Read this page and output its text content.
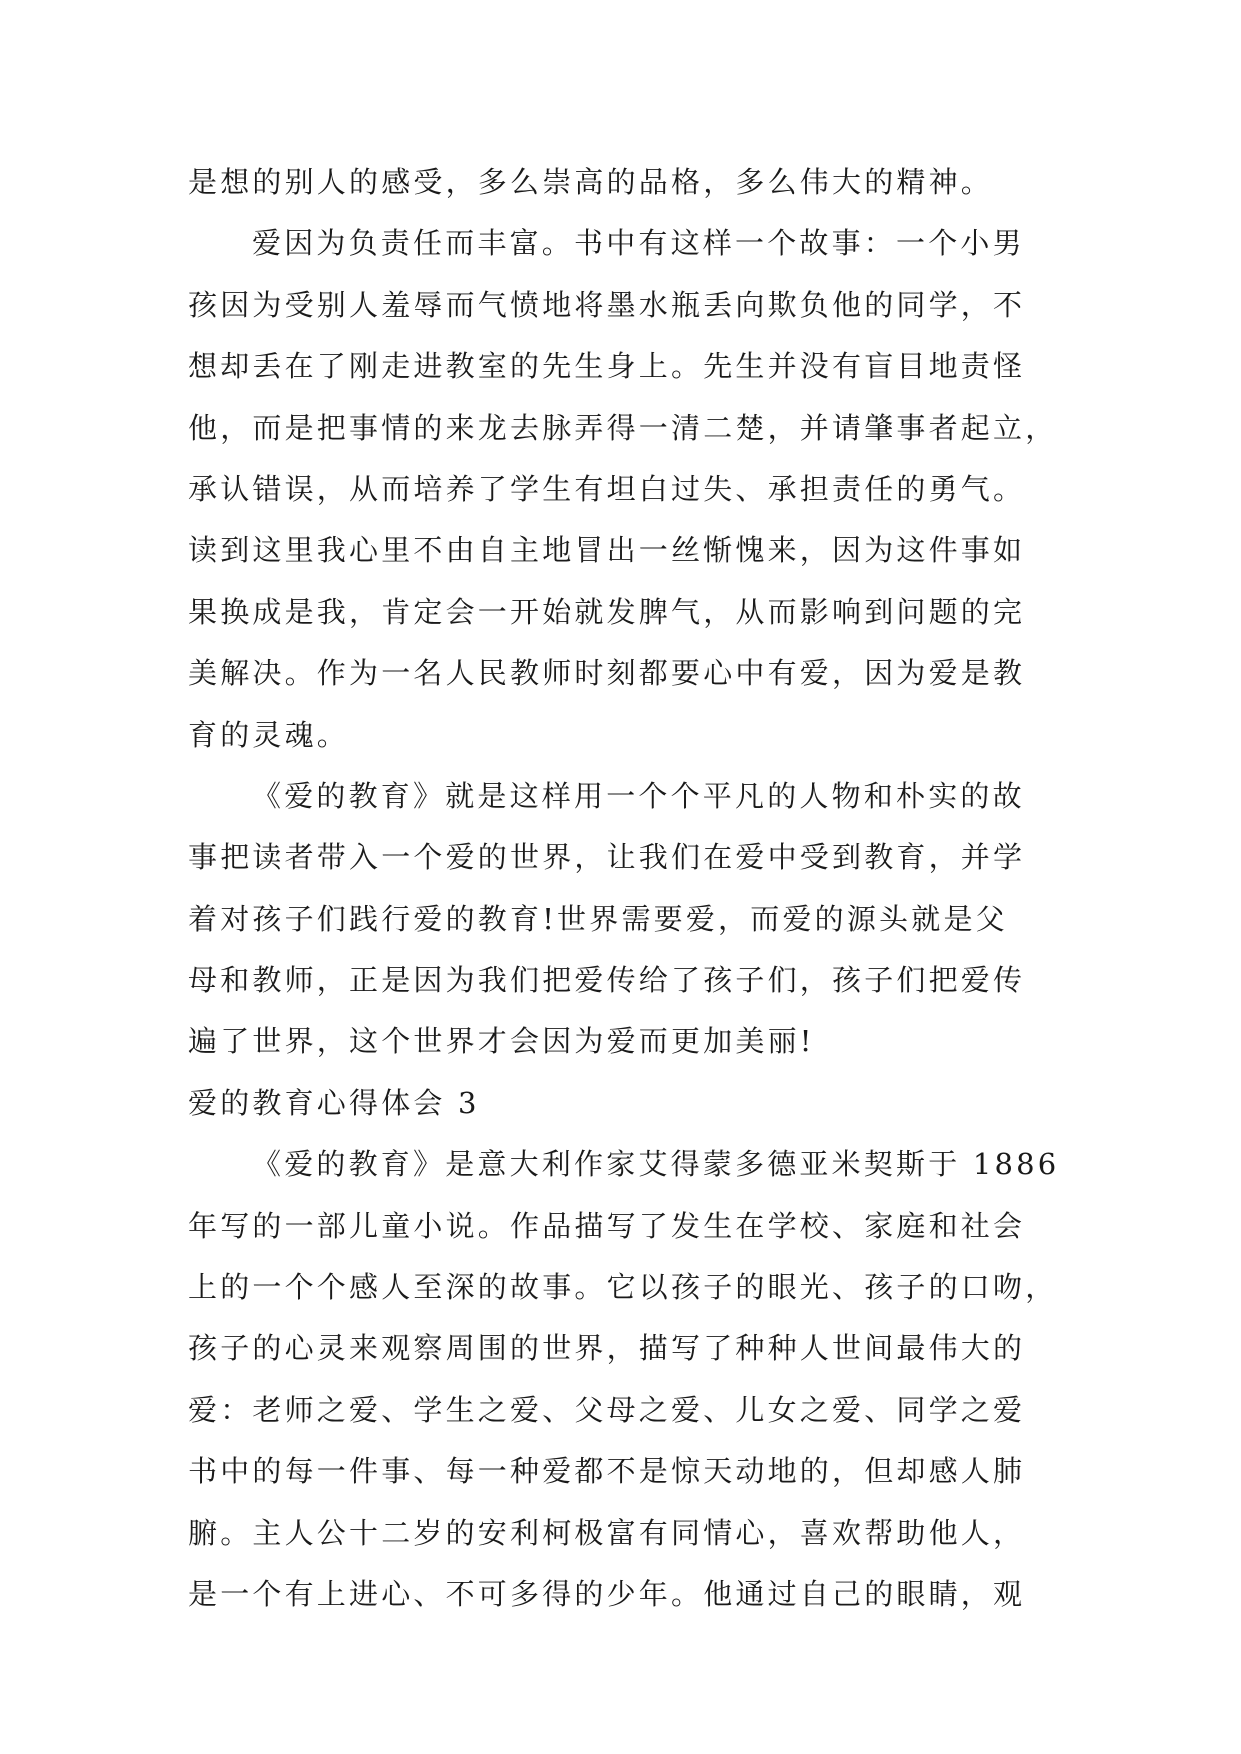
是想的别人的感受，多么崇高的品格，多么伟大的精神。
爱因为负责任而丰富。书中有这样一个故事：一个小男
孩因为受别人羞辱而气愤地将墨水瓶丢向欺负他的同学，不
想却丢在了刚走进教室的先生身上。先生并没有盲目地责怪
他，而是把事情的来龙去脉弄得一清二楚，并请肇事者起立，
承认错误，从而培养了学生有坦白过失、承担责任的勇气。
读到这里我心里不由自主地冒出一丝惭愧来，因为这件事如
果换成是我，肯定会一开始就发脾气，从而影响到问题的完
美解决。作为一名人民教师时刻都要心中有爱，因为爱是教
育的灵魂。
《爱的教育》就是这样用一个个平凡的人物和朴实的故
事把读者带入一个爱的世界，让我们在爱中受到教育，并学
着对孩子们践行爱的教育!世界需要爱，而爱的源头就是父
母和教师，正是因为我们把爱传给了孩子们，孩子们把爱传
遍了世界，这个世界才会因为爱而更加美丽!
爱的教育心得体会 3
《爱的教育》是意大利作家艾得蒙多德亚米契斯于 1886
年写的一部儿童小说。作品描写了发生在学校、家庭和社会
上的一个个感人至深的故事。它以孩子的眼光、孩子的口吻，
孩子的心灵来观察周围的世界，描写了种种人世间最伟大的
爱：老师之爱、学生之爱、父母之爱、儿女之爱、同学之爱
书中的每一件事、每一种爱都不是惊天动地的，但却感人肺
腑。主人公十二岁的安利柯极富有同情心，喜欢帮助他人，
是一个有上进心、不可多得的少年。他通过自己的眼睛，观
